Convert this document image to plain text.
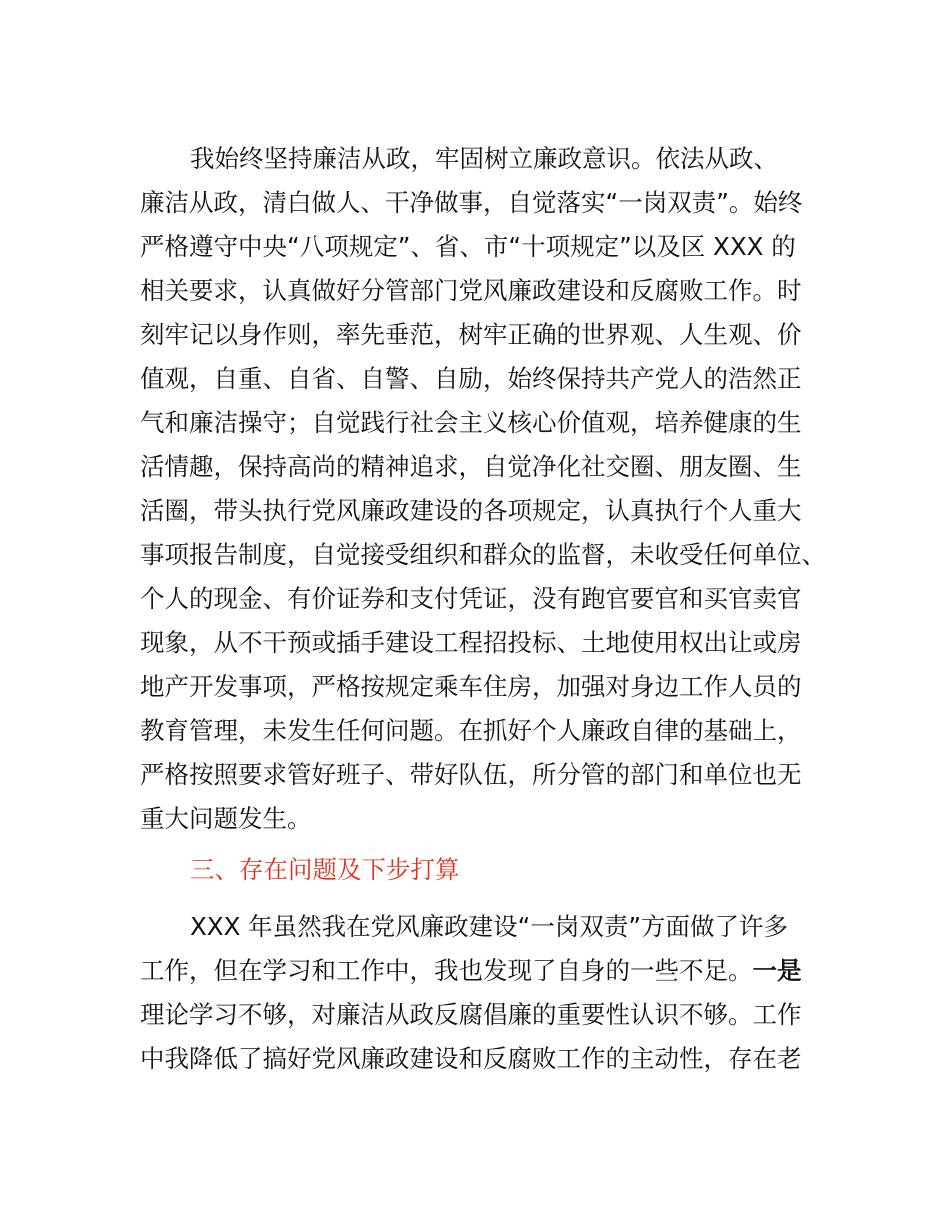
我始终坚持廉洁从政，牢固树立廉政意识。依法从政、
廉洁从政，清白做人、干净做事，自觉落实“一岗双责”。始终
严格遵守中央“八项规定”、省、市“十项规定”以及区 XXX 的
相关要求，认真做好分管部门党风廉政建设和反腐败工作。时
刻牢记以身作则，率先垂范，树牢正确的世界观、人生观、价
值观，自重、自省、自警、自励，始终保持共产党人的浩然正
气和廉洁操守；自觉践行社会主义核心价值观，培养健康的生
活情趣，保持高尚的精神追求，自觉净化社交圈、朋友圈、生
活圈，带头执行党风廉政建设的各项规定，认真执行个人重大
事项报告制度，自觉接受组织和群众的监督，未收受任何单位、
个人的现金、有价证券和支付凭证，没有跑官要官和买官卖官
现象，从不干预或插手建设工程招投标、土地使用权出让或房
地产开发事项，严格按规定乘车住房，加强对身边工作人员的
教育管理，未发生任何问题。在抓好个人廉政自律的基础上，
严格按照要求管好班子、带好队伍，所分管的部门和单位也无
重大问题发生。
三、存在问题及下步打算
XXX 年虽然我在党风廉政建设“一岗双责”方面做了许多
工作，但在学习和工作中，我也发现了自身的一些不足。一是
理论学习不够，对廉洁从政反腐倡廉的重要性认识不够。工作
中我降低了搞好党风廉政建设和反腐败工作的主动性，存在老
